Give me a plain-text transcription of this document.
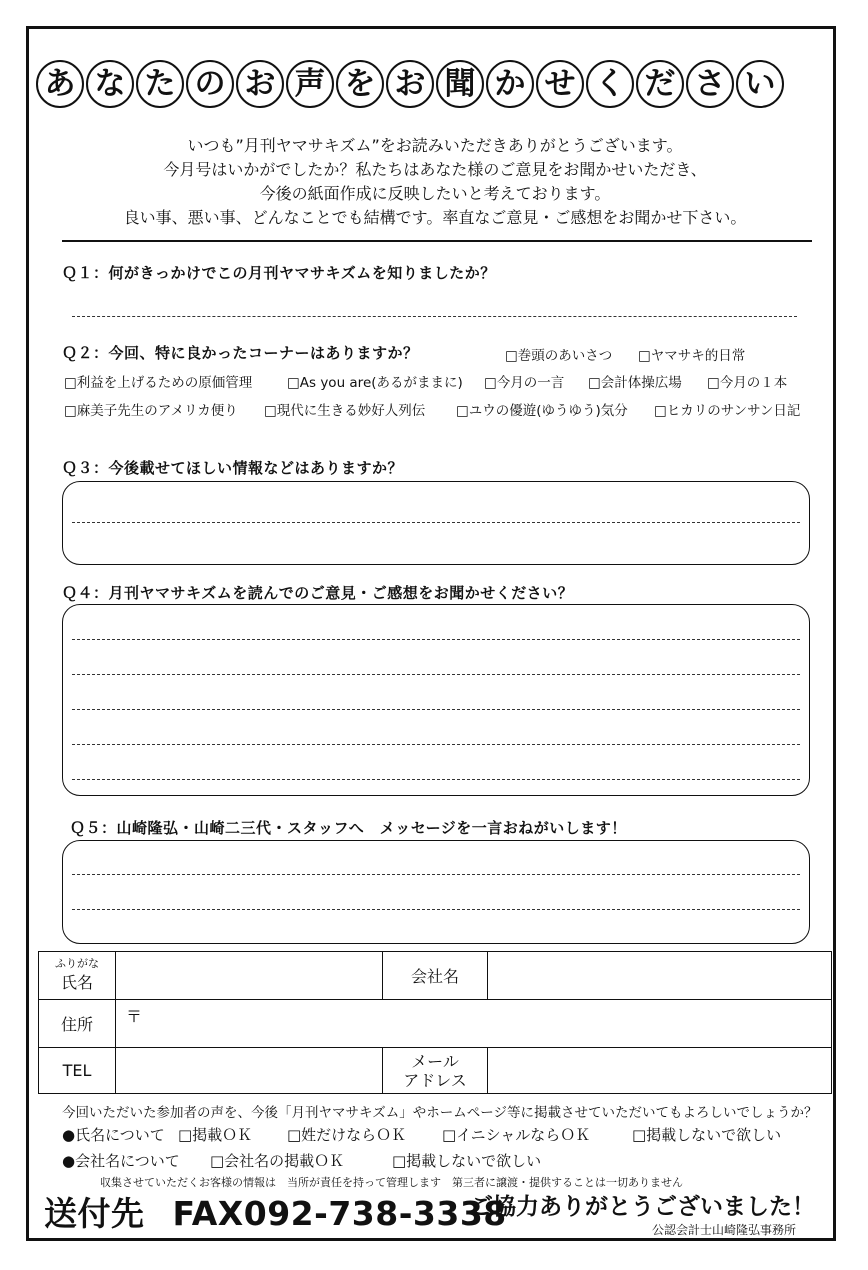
あ な た の お 声 を お 聞 か せ く だ さ い
いつも”月刊ヤマサキズム”をお読みいただきありがとうございます。
今月号はいかがでしたか？私たちはあなた様のご意見をお聞かせいただき、
今後の紙面作成に反映したいと考えております。
良い事、悪い事、どんなことでも結構です。率直なご意見・ご感想をお聞かせ下さい。
Ｑ１：何がきっかけでこの月刊ヤマサキズムを知りましたか？
Ｑ２：今回、特に良かったコーナーはありますか？	□巻頭のあいさつ □ヤマサキ的日常
□利益を上げるための原価管理	□As you are(あるがままに) □今月の一言 □会計体操広場 □今月の１本
□麻美子先生のアメリカ便り □現代に生きる妙好人列伝 □ユウの優遊(ゆうゆう)気分 □ヒカリのサンサン日記
Ｑ３：今後載せてほしい情報などはありますか？
Ｑ４：月刊ヤマサキズムを読んでのご意見・ご感想をお聞かせください？
Ｑ５：山崎隆弘・山崎二三代・スタッフへ　メッセージを一言おねがいします！
ふりがな
氏名		会社名	
住所	〒		
TEL		メール
アドレス	

今回いただいた参加者の声を、今後「月刊ヤマサキズム」やホームページ等に掲載させていただいてもよろしいでしょうか？
●氏名について □掲載ＯＫ □姓だけならＯＫ □イニシャルならＯＫ	□掲載しないで欲しい
●会社名について □会社名の掲載ＯＫ	□掲載しないで欲しい
収集させていただくお客様の情報は　当所が責任を持って管理します　第三者に譲渡・提供することは一切ありません
送付先 FAX092-738-3338
ご協力ありがとうございました！
公認会計士山崎隆弘事務所
